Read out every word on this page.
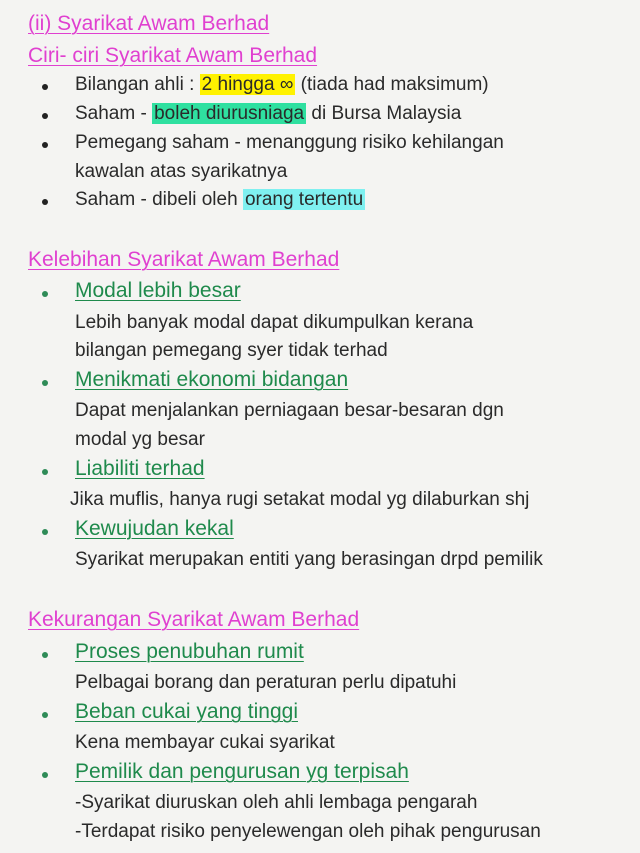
(ii) Syarikat Awam Berhad
Ciri- ciri Syarikat Awam Berhad
Bilangan ahli : 2 hingga ∞ (tiada had maksimum)
Saham - boleh diurusniaga di Bursa Malaysia
Pemegang saham - menanggung risiko kehilangan
kawalan atas syarikatnya
Saham - dibeli oleh orang tertentu
Kelebihan Syarikat Awam Berhad
Modal lebih besar
Lebih banyak modal dapat dikumpulkan kerana
bilangan pemegang syer tidak terhad
Menikmati ekonomi bidangan
Dapat menjalankan perniagaan besar-besaran dgn
modal yg besar
Liabiliti terhad
Jika muflis, hanya rugi setakat modal yg dilaburkan shj
Kewujudan kekal
Syarikat merupakan entiti yang berasingan drpd pemilik
Kekurangan Syarikat Awam Berhad
Proses penubuhan rumit
Pelbagai borang dan peraturan perlu dipatuhi
Beban cukai yang tinggi
Kena membayar cukai syarikat
Pemilik dan pengurusan yg terpisah
-Syarikat diuruskan oleh ahli lembaga pengarah
-Terdapat risiko penyelewengan oleh pihak pengurusan
